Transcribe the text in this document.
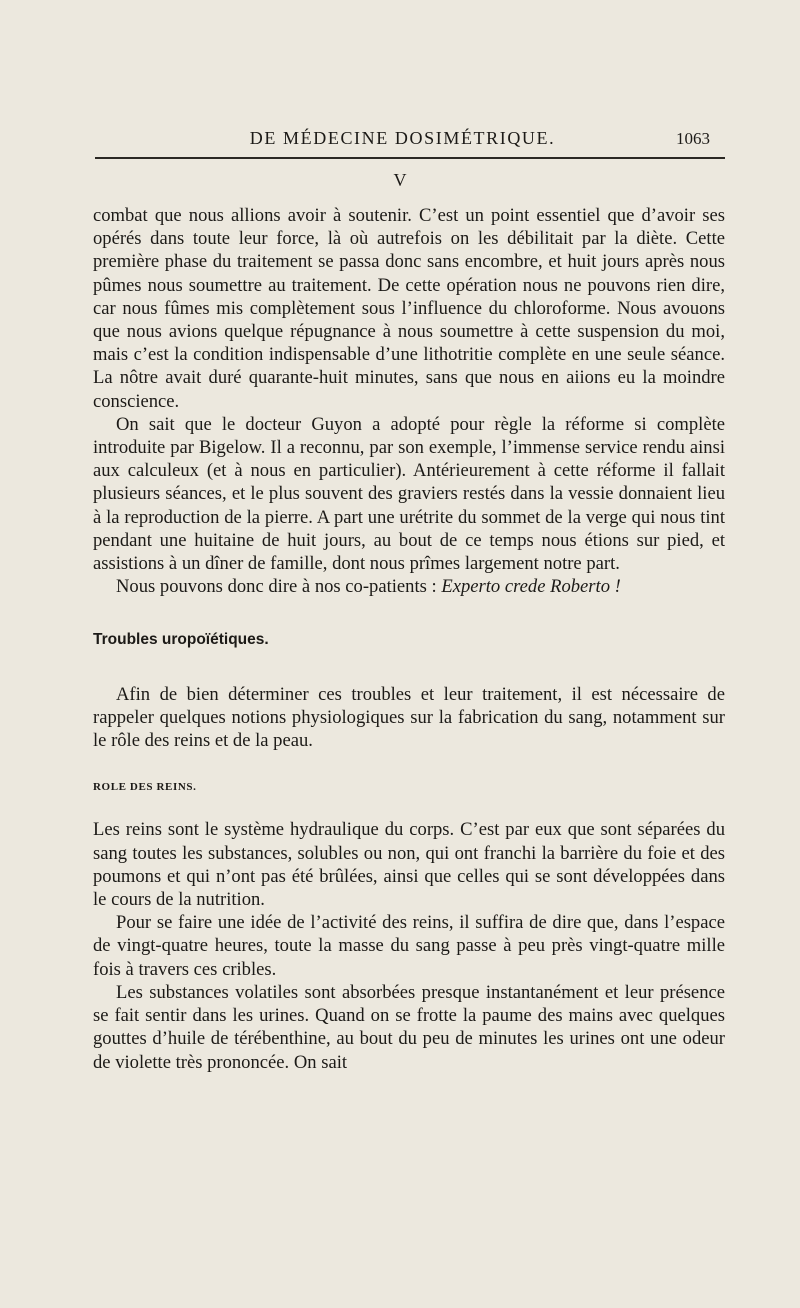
DE MÉDECINE DOSIMÉTRIQUE.	1063
V

combat que nous allions avoir à soutenir. C’est un point essentiel que d’avoir ses opérés dans toute leur force, là où autrefois on les débilitait par la diète. Cette première phase du traitement se passa donc sans encombre, et huit jours après nous pûmes nous soumettre au traitement. De cette opération nous ne pouvons rien dire, car nous fûmes mis complètement sous l’influence du chloroforme. Nous avouons que nous avions quelque répugnance à nous soumettre à cette suspension du moi, mais c’est la condition indispensable d’une lithotritie complète en une seule séance. La nôtre avait duré quarante-huit minutes, sans que nous en aiions eu la moindre conscience.

On sait que le docteur Guyon a adopté pour règle la réforme si complète introduite par Bigelow. Il a reconnu, par son exemple, l’immense service rendu ainsi aux calculeux (et à nous en particulier). Antérieurement à cette réforme il fallait plusieurs séances, et le plus souvent des graviers restés dans la vessie donnaient lieu à la reproduction de la pierre. A part une urétrite du sommet de la verge qui nous tint pendant une huitaine de huit jours, au bout de ce temps nous étions sur pied, et assistions à un dîner de famille, dont nous prîmes largement notre part.

Nous pouvons donc dire à nos co-patients : Experto crede Roberto !

Troubles uropoïétiques.

Afin de bien déterminer ces troubles et leur traitement, il est nécessaire de rappeler quelques notions physiologiques sur la fabrication du sang, notamment sur le rôle des reins et de la peau.

ROLE DES REINS.

Les reins sont le système hydraulique du corps. C’est par eux que sont séparées du sang toutes les substances, solubles ou non, qui ont franchi la barrière du foie et des poumons et qui n’ont pas été brûlées, ainsi que celles qui se sont développées dans le cours de la nutrition.

Pour se faire une idée de l’activité des reins, il suffira de dire que, dans l’espace de vingt-quatre heures, toute la masse du sang passe à peu près vingt-quatre mille fois à travers ces cribles.

Les substances volatiles sont absorbées presque instantanément et leur présence se fait sentir dans les urines. Quand on se frotte la paume des mains avec quelques gouttes d’huile de térébenthine, au bout du peu de minutes les urines ont une odeur de violette très prononcée. On sait
